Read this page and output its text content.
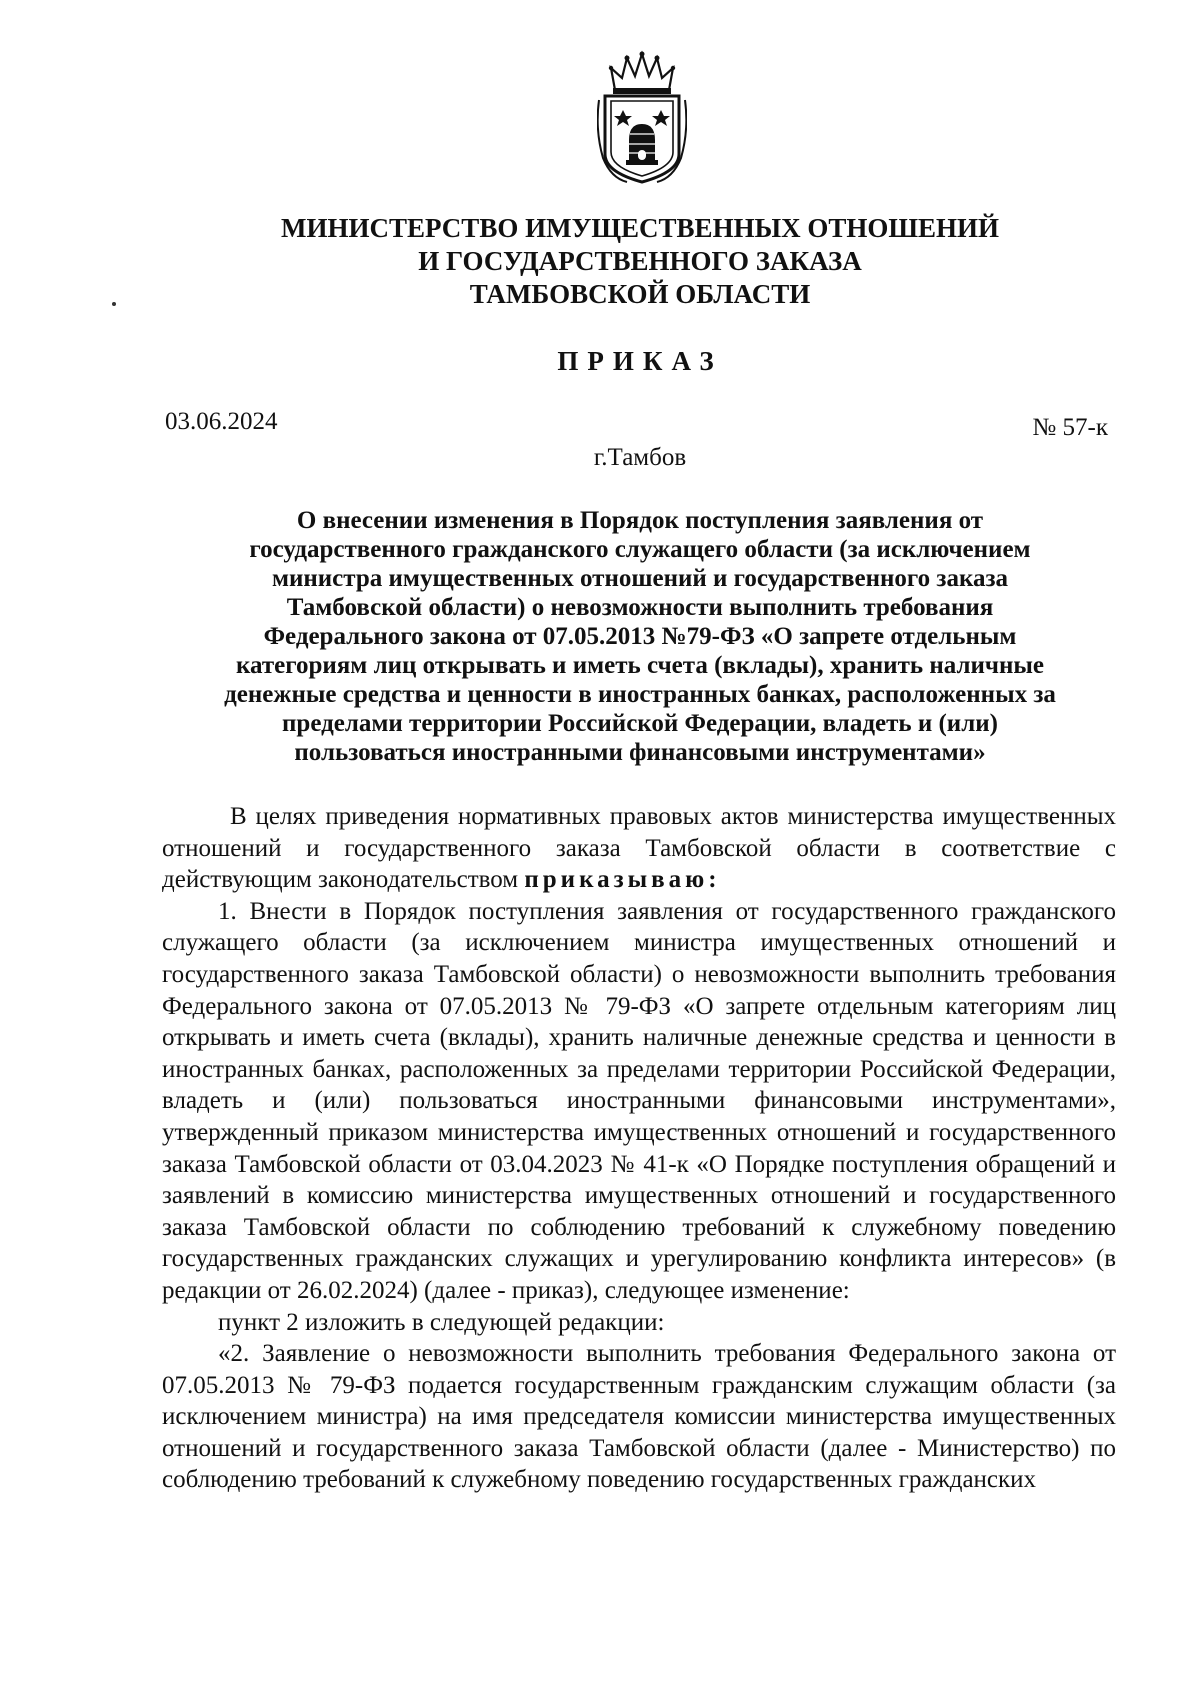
МИНИСТЕРСТВО ИМУЩЕСТВЕННЫХ ОТНОШЕНИЙ
И ГОСУДАРСТВЕННОГО ЗАКАЗА
ТАМБОВСКОЙ ОБЛАСТИ
ПРИКАЗ
03.06.2024	№ 57-к
г.Тамбов
О внесении изменения в Порядок поступления заявления от
государственного гражданского служащего области (за исключением
министра имущественных отношений и государственного заказа
Тамбовской области) о невозможности выполнить требования
Федерального закона от 07.05.2013 №79-ФЗ «О запрете отдельным
категориям лиц открывать и иметь счета (вклады), хранить наличные
денежные средства и ценности в иностранных банках, расположенных за
пределами территории Российской Федерации, владеть и (или)
пользоваться иностранными финансовыми инструментами»

В целях приведения нормативных правовых актов министерства имущественных отношений и государственного заказа Тамбовской области в соответствие с действующим законодательством приказываю:

1. Внести в Порядок поступления заявления от государственного гражданского служащего области (за исключением министра имущественных отношений и государственного заказа Тамбовской области) о невозможности выполнить требования Федерального закона от 07.05.2013 № 79-ФЗ «О запрете отдельным категориям лиц открывать и иметь счета (вклады), хранить наличные денежные средства и ценности в иностранных банках, расположенных за пределами территории Российской Федерации, владеть и (или) пользоваться иностранными финансовыми инструментами», утвержденный приказом министерства имущественных отношений и государственного заказа Тамбовской области от 03.04.2023 № 41-к «О Порядке поступления обращений и заявлений в комиссию министерства имущественных отношений и государственного заказа Тамбовской области по соблюдению требований к служебному поведению государственных гражданских служащих и урегулированию конфликта интересов» (в редакции от 26.02.2024) (далее - приказ), следующее изменение:

пункт 2 изложить в следующей редакции:

«2. Заявление о невозможности выполнить требования Федерального закона от 07.05.2013 № 79-ФЗ подается государственным гражданским служащим области (за исключением министра) на имя председателя комиссии министерства имущественных отношений и государственного заказа Тамбовской области (далее - Министерство) по соблюдению требований к служебному поведению государственных гражданских
